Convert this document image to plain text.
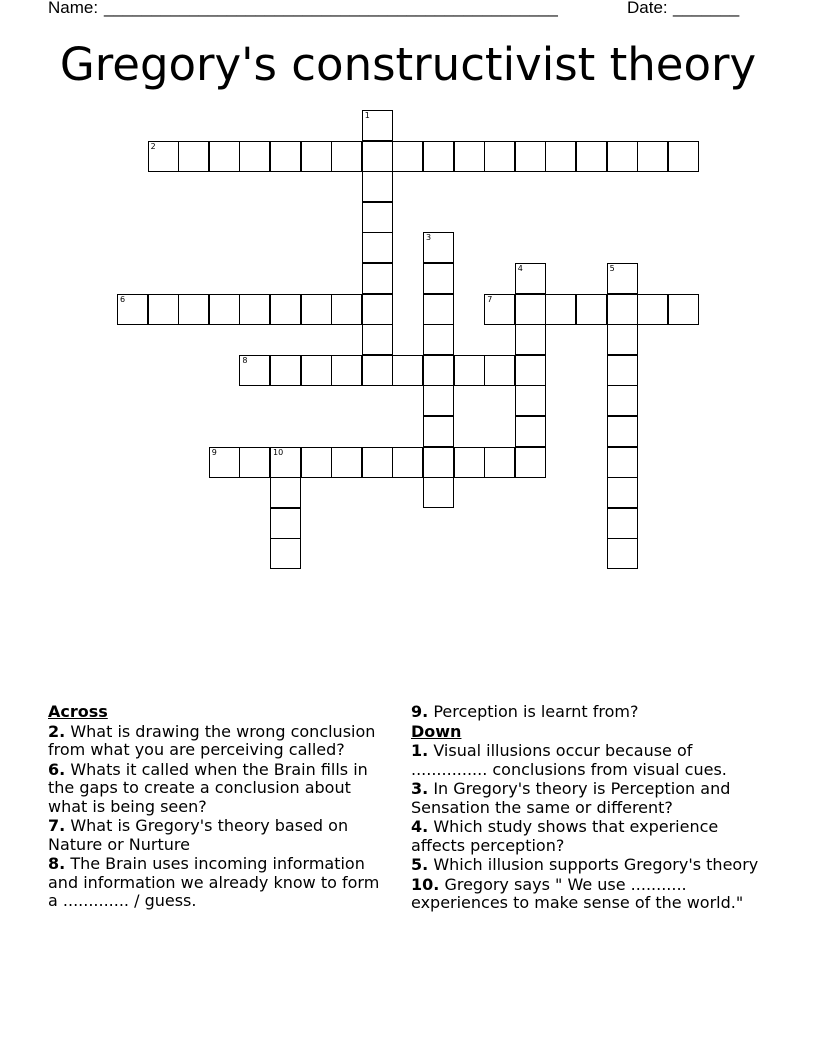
Name: ________________________________________________	Date: _______
Gregory's constructivist theory
1
2
3
4	5
6	7
8
9	10
Across
2. What is drawing the wrong conclusion from what you are perceiving called?
6. Whats it called when the Brain fills in the gaps to create a conclusion about what is being seen?
7. What is Gregory's theory based on Nature or Nurture
8. The Brain uses incoming information and information we already know to form a ............. / guess.
9. Perception is learnt from?
Down
1. Visual illusions occur because of ............... conclusions from visual cues.
3. In Gregory's theory is Perception and Sensation the same or different?
4. Which study shows that experience affects perception?
5. Which illusion supports Gregory's theory
10. Gregory says " We use ........... experiences to make sense of the world."
